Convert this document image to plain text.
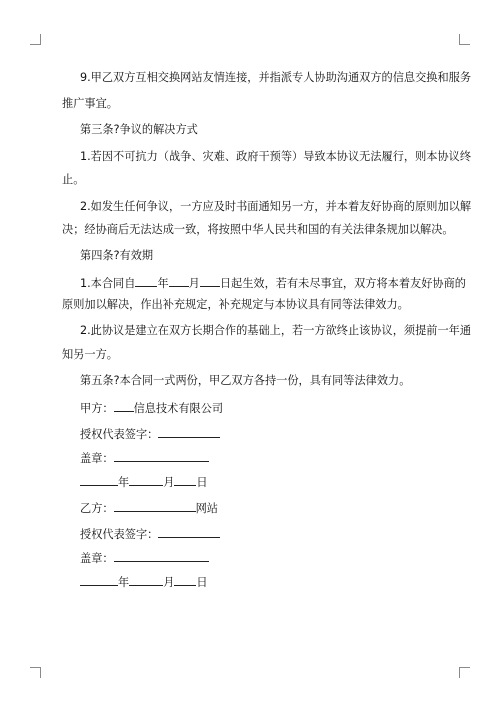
9.甲乙双方互相交换网站友情连接，并指派专人协助沟通双方的信息交换和服务
推广事宜。
第三条?争议的解决方式
1.若因不可抗力（战争、灾难、政府干预等）导致本协议无法履行，则本协议终
止。
2.如发生任何争议，一方应及时书面通知另一方，并本着友好协商的原则加以解
决；经协商后无法达成一致，将按照中华人民共和国的有关法律条规加以解决。
第四条?有效期
1.本合同自 年 月 日起生效，若有未尽事宜，双方将本着友好协商的
原则加以解决，作出补充规定，补充规定与本协议具有同等法律效力。
2.此协议是建立在双方长期合作的基础上，若一方欲终止该协议，须提前一年通
知另一方。
第五条?本合同一式两份，甲乙双方各持一份，具有同等法律效力。
甲方： 信息技术有限公司
授权代表签字：
盖章：
年	月 日
乙方：	网站
授权代表签字：
盖章：
年	月 日
